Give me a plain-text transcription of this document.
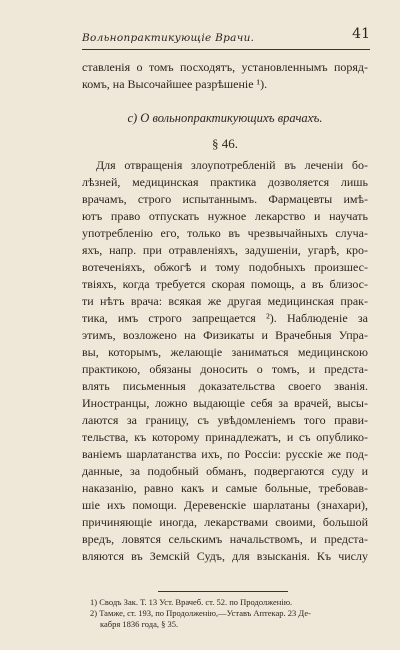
Вольнопрактикующіе Врачи.	41
ставленія о томъ посходятъ, установленнымъ поряд-
комъ, на Высочайшее разрѣшеніе ¹).
c) О вольнопрактикующихъ врачахъ.
§ 46.
Для отвращенія злоупотребленій въ леченіи бо-
лѣзней, медицинская практика дозволяется лишь
врачамъ, строго испытаннымъ. Фармацевты имѣ-
ютъ право отпускать нужное лекарство и научать
употребленію его, только въ чрезвычайныхъ случа-
яхъ, напр. при отравленіяхъ, задушеніи, угарѣ, кро-
вотеченіяхъ, обжогѣ и тому подобныхъ произшес-
твіяхъ, когда требуется скорая помощь, а въ близос-
ти нѣтъ врача: всякая же другая медицинская прак-
тика, имъ строго запрещается ²). Наблюденіе за
этимъ, возложено на Физикаты и Врачебныя Упра-
вы, которымъ, желающіе заниматься медицинскою
практикою, обязаны доносить о томъ, и предста-
влять письменныя доказательства своего званія.
Иностранцы, ложно выдающіе себя за врачей, высы-
лаются за границу, съ увѣдомленіемъ того прави-
тельства, къ которому принадлежатъ, и съ опублико-
ваніемъ шарлатанства ихъ, по Россіи: русскіе же под-
данные, за подобный обманъ, подвергаются суду и
наказанію, равно какъ и самые больные, требовав-
шіе ихъ помощи. Деревенскіе шарлатаны (знахари),
причиняющіе иногда, лекарствами своими, большой
вредъ, ловятся сельскимъ начальствомъ, и предста-
вляются въ Земскій Судъ, для взысканія. Къ числу
1) Сводъ Зак. Т. 13 Уст. Врачеб. ст. 52. по Продолженію.
2) Тамже, ст. 193, по Продолженію,—Уставъ Аптекар. 23 Де-
кабря 1836 года, § 35.
